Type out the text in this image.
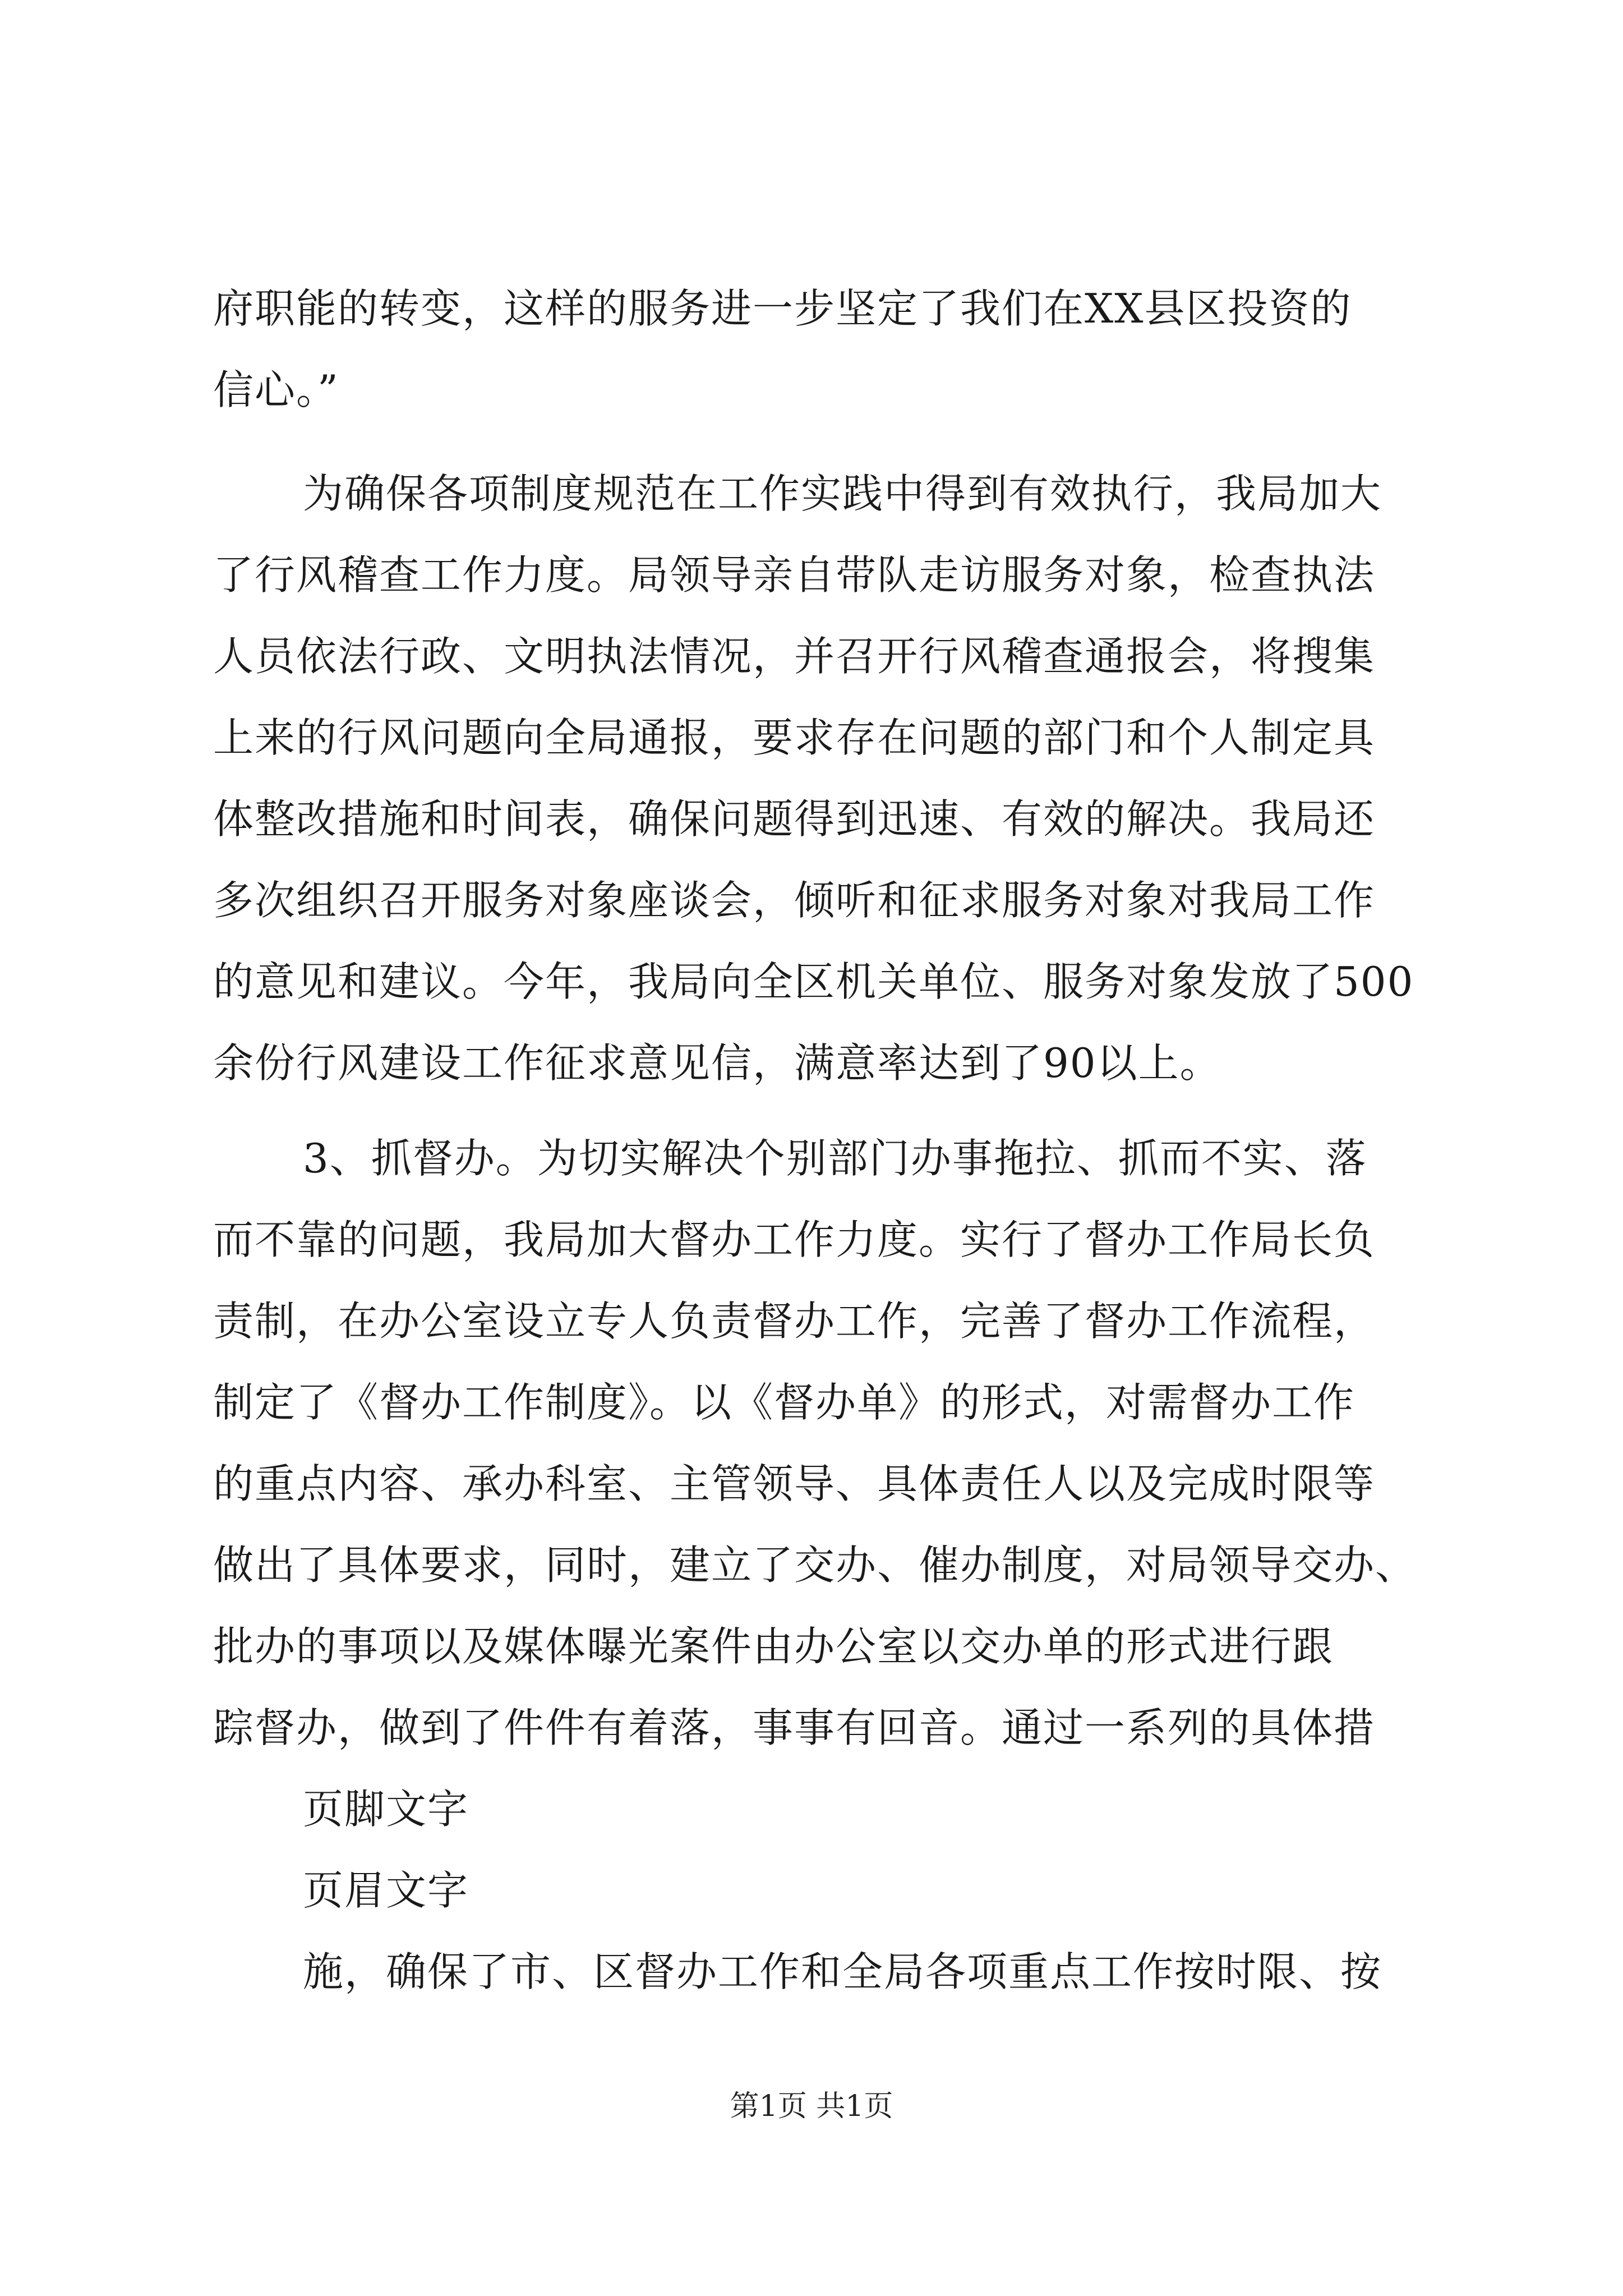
府职能的转变，这样的服务进一步坚定了我们在XX县区投资的
信心。”
为确保各项制度规范在工作实践中得到有效执行，我局加大
了行风稽查工作力度。局领导亲自带队走访服务对象，检查执法
人员依法行政、文明执法情况，并召开行风稽查通报会，将搜集
上来的行风问题向全局通报，要求存在问题的部门和个人制定具
体整改措施和时间表，确保问题得到迅速、有效的解决。我局还
多次组织召开服务对象座谈会，倾听和征求服务对象对我局工作
的意见和建议。今年，我局向全区机关单位、服务对象发放了500
余份行风建设工作征求意见信，满意率达到了90以上。
3、抓督办。为切实解决个别部门办事拖拉、抓而不实、落
而不靠的问题，我局加大督办工作力度。实行了督办工作局长负
责制，在办公室设立专人负责督办工作，完善了督办工作流程，
制定了《督办工作制度》。以《督办单》的形式，对需督办工作
的重点内容、承办科室、主管领导、具体责任人以及完成时限等
做出了具体要求，同时，建立了交办、催办制度，对局领导交办、
批办的事项以及媒体曝光案件由办公室以交办单的形式进行跟
踪督办，做到了件件有着落，事事有回音。通过一系列的具体措
页脚文字
页眉文字
施，确保了市、区督办工作和全局各项重点工作按时限、按
第1页 共1页
